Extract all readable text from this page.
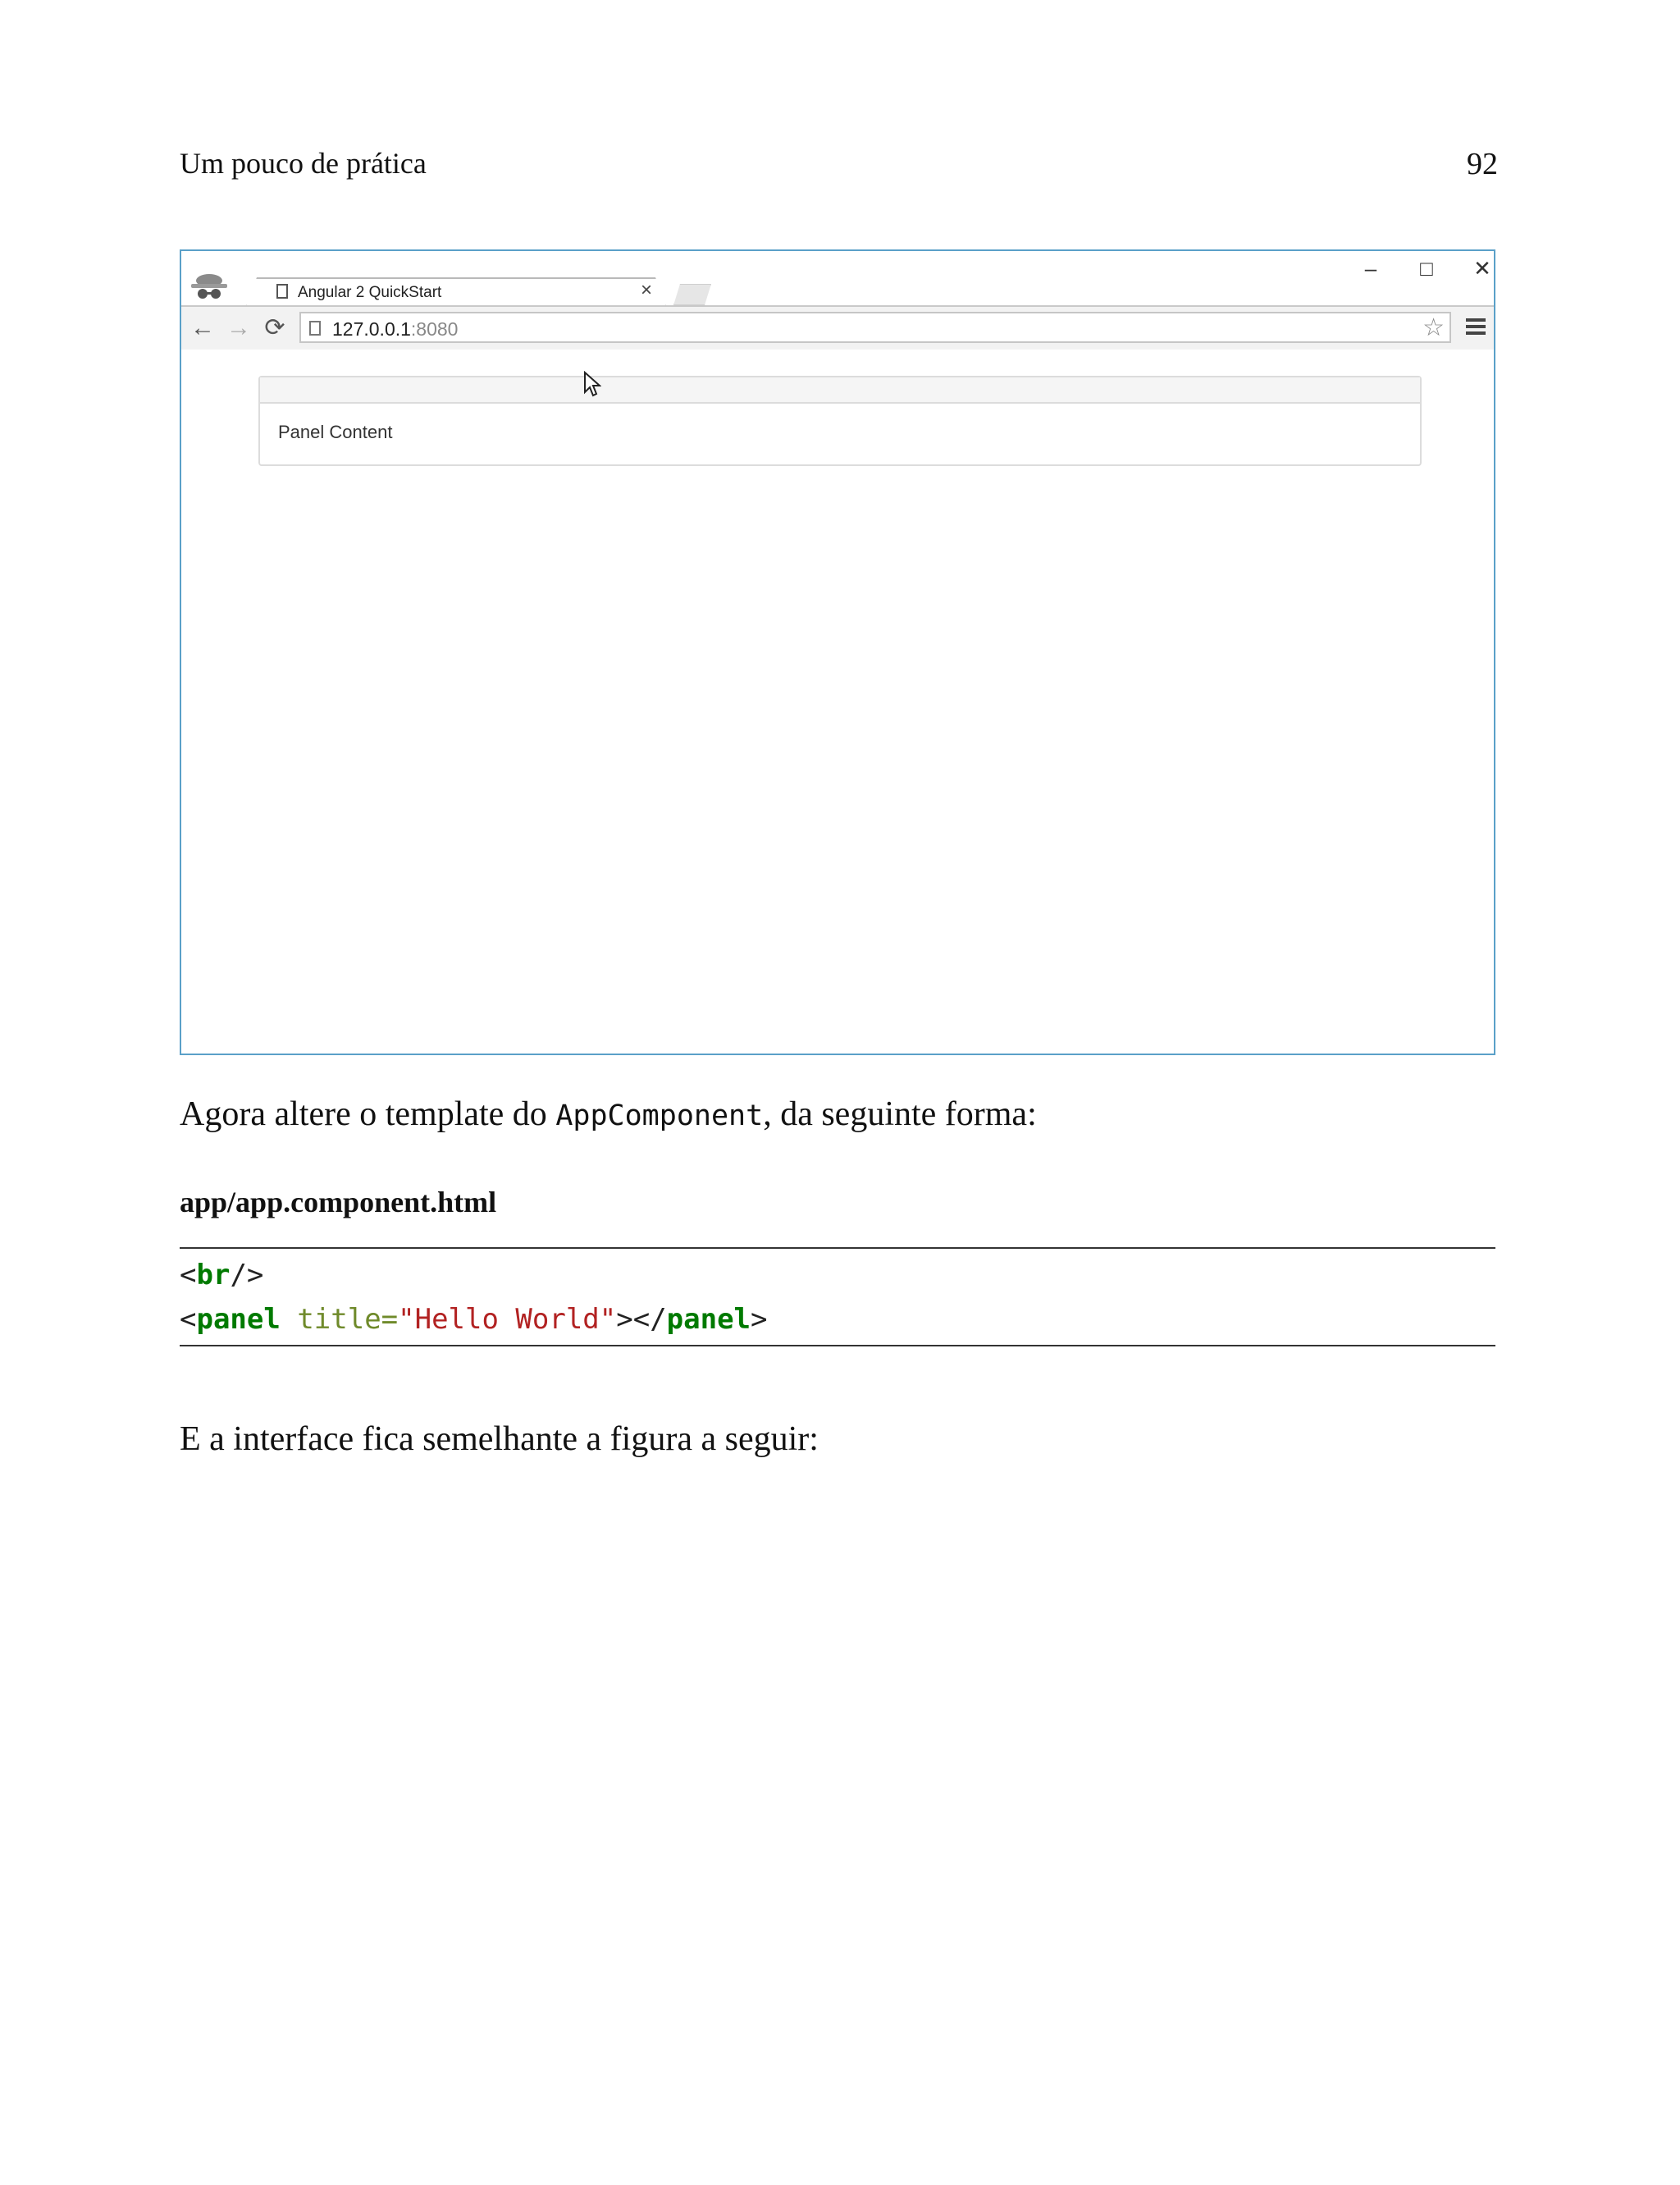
Um pouco de prática	92
Angular 2 QuickStart	×
–	□	✕
← → ⟳ 127.0.0.1:8080	☆
Panel Content
Agora altere o template do AppComponent, da seguinte forma:
app/app.component.html
<br/>
<panel title="Hello World"></panel>
E a interface fica semelhante a figura a seguir:
